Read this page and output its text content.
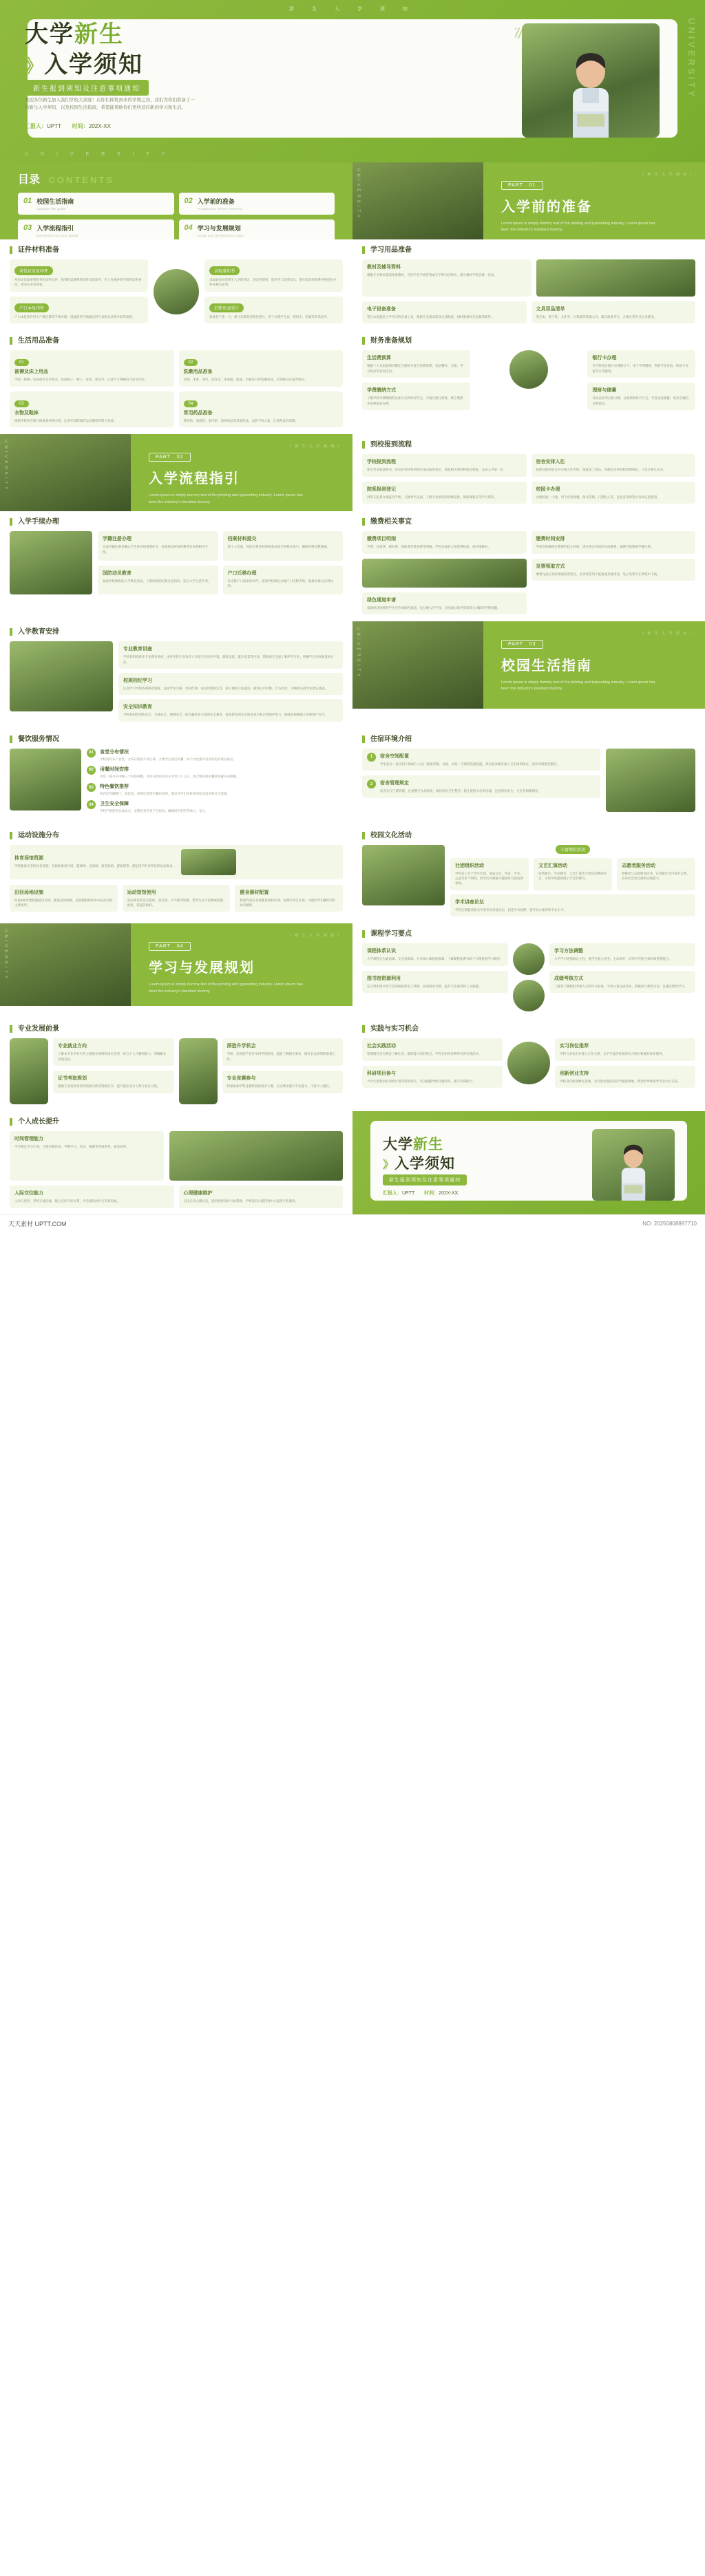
新 生 入 学 须 知
大学新生
》入学须知
新生报到须知及注意事项通知
欢迎各位新生加入我们学校大家庭！在你们即将到来的学期之初，我们为你们准备了一份新生入学须知，以及校园生活指南，希望能帮助你们更快适应新的学习和生活。
汇报人：UPTT 时间：202X-XX
U N I V E R S I T Y
UNIVERSITY
目录 CONTENTS
01 校园生活指南
Campus life guide
02 入学前的准备
Preparation before entering
03 入学流程指引
Enrollment process guide
04 学习与发展规划
Study and development plan
UNIVERSITY	/ 新 生 入 学 须 知 /
PART . 01
入学前的准备
Lorem ipsum is simply dummy text of the printing and typesetting industry. Lorem ipsum has been the industry's standard dummy.
证件材料准备
身份证及复印件

身份证是最重要的身份证明文件，报到时需要携带原件及复印件，用于办理各项手续和证明身份，请务必妥善保管。

户口本复印件

户口本复印件用于户籍迁移等手续办理，请提前到当地派出所开具相关证明并复印备用。

录取通知书

录取通知书是新生入学的凭证，请妥善保管，报到当天需要出示，遗失需及时联系学校招生办补办相关证明。

近期免冠照片

准备若干张一寸、两寸近期免冠彩色照片，用于办理学生证、校园卡、档案等各类证件。

学习用品准备
教材及辅导资料

根据专业要求提前准备教材，可向学长学姐咨询或在学校书店购买，部分教材学校会统一发放。

电子设备准备

笔记本电脑是大学学习的必备工具，根据专业需求选择合适配置，同时准备好充电器等配件。

文具用品清单

笔记本、签字笔、文件夹、计算器等基础文具，建议准备齐全，方便日常学习记录使用。

生活用品准备
01
被褥及床上用品

学校一般统一发放或可自行购买，包括被子、褥子、床单、枕头等，注意尺寸规格符合宿舍床位。

02
洗漱用品准备

牙刷、牙膏、毛巾、洗发水、沐浴露、脸盆、水桶等日常洗漱用品，可到校后在超市购买。

03
衣物及鞋袜

根据学校所在地气候准备四季衣物，注意军训期间的运动服装和鞋子准备。

04
常用药品准备

感冒药、退烧药、创可贴、消毒用品等常备药品，以防不时之需，注意药品有效期。

财务准备规划
生活费预算

根据个人及家庭情况制定合理的月度生活费预算，包括餐饮、交通、学习用品等各项支出。

学费缴纳方式

了解学校学费缴纳的具体方式和时间节点，可通过银行转账、网上缴费等多种渠道办理。

银行卡办理

在学校指定银行办理银行卡，用于学费缴纳、奖助学金发放、校园卡充值等日常使用。

理财与储蓄

养成良好的记账习惯，合理规划每月开支，学会适度储蓄，培养正确的消费观念。

UNIVERSITY	/ 新 生 入 学 须 知 /
PART . 02
入学流程指引
Lorem ipsum is simply dummy text of the printing and typesetting industry. Lorem ipsum has been the industry's standard dummy.
到校报到流程
学校报到流程

新生凭录取通知书、身份证等材料到指定地点报到登记，领取相关资料和宿舍钥匙，完成入学第一步。

宿舍安排入住

按照分配的宿舍号办理入住手续，领取床上用品，熟悉宿舍环境和管理规定，与室友相互认识。

院系报到登记

到所在院系办理报到手续，与辅导员见面，了解专业情况和班级安排，领取课程表等学习资料。

校园卡办理

办理校园一卡通，用于食堂就餐、图书借阅、门禁出入等，注意妥善保管并及时充值使用。

入学手续办理
学籍注册办理

完成学籍注册是确认学生身份的重要环节，需按规定时间到教务处办理相关手续。

档案材料提交

将个人档案、党团关系等材料按要求提交到相应部门，确保材料完整准确。

国防动员教育

参加学校组织的入学教育活动，了解校规校纪和安全知识，适应大学生活节奏。

户口迁移办理

有迁移户口需求的同学，按照学校规定办理户口迁移手续，准备好相关证明材料。

缴费相关事宜
缴费项目明细

学费、住宿费、教材费、保险费等各项费用明细，学校会提前公布收费标准，请仔细核对。

绿色通道申请

家庭经济困难的学生可申请绿色通道，先办理入学手续，后续通过助学贷款等方式解决学费问题。

缴费时间安排

学校会明确规定缴费的起止时间，请在规定时间内完成缴费，逾期可能影响学籍注册。

发票领取方式

缴费完成后及时领取发票凭证，妥善保管用于报销或其他用途，电子发票可在系统中下载。

入学教育安排
专业教育讲座

学校将组织新生专业教育讲座，由各学院专业负责人介绍专业培养方案、课程设置、就业前景等内容，帮助新生全面了解所学专业，明确学习目标和发展方向。

校规校纪学习

认真学习学校各项规章制度，包括学生手册、考试纪律、宿舍管理规定等，树立遵纪守法意识，做到心中有数，行为有度，为顺利完成学业奠定基础。

安全知识教育

学校将组织消防安全、交通安全、网络安全、防诈骗等多方面的安全教育，提高新生的安全防范意识和自我保护能力，确保在校期间人身和财产安全。

UNIVERSITY	/ 新 生 入 学 须 知 /
PART . 03
校园生活指南
Lorem ipsum is simply dummy text of the printing and typesetting industry. Lorem ipsum has been the industry's standard dummy.
餐饮服务情况
01	食堂分布情况

学校设有多个食堂，分布在校园不同区域，方便学生就近用餐，每个食堂都有各具特色的菜品供应。

02	用餐时间安排

食堂一般分早中晚三个时段供餐，具体开放时间会在食堂门口公示，请合理安排用餐时间避开高峰期。

03	特色餐饮推荐

校内还有咖啡厅、面包房、奶茶店等特色餐饮场所，满足同学们多样化的饮食需求和社交需要。

04	卫生安全保障

学校严格把控食品安全，定期检查食堂卫生状况，确保同学们吃得放心、安心。

住宿环境介绍
1	宿舍空间配置

学生宿舍一般为四人间或六人间，配备床铺、书桌、衣柜、空调等基础设施，部分宿舍配有独立卫生间和阳台，居住环境舒适整洁。

2	宿舍管理规定

宿舍实行门禁管理，注意遵守作息时间，保持宿舍卫生整洁，禁止使用大功率电器，注意用电安全，与室友和睦相处。

运动设施分布
体育场馆资源

学校配备完善的体育设施，包括标准田径场、篮球场、足球场、羽毛球馆、游泳馆等，满足同学们多样化的运动需求。

田径场地设施

标准400米塑胶跑道田径场，配备足球场地，是晨跑锻炼和举办运动会的主要场所。

运动馆馆使用

室内体育馆设有篮球、羽毛球、乒乓球等场地，凭学生证可免费或优惠使用，需提前预约。

健身器材配置

校园内设有多处健身器材区域，免费向学生开放，方便同学们随时进行体育锻炼。

校园文化活动
丰富精彩活动
社团组织活动

学校有上百个学生社团，涵盖文艺、体育、学术、公益等多个领域，同学们可根据兴趣爱好自由选择参加。

文艺汇演活动

迎新晚会、毕业晚会、文艺汇演等大型活动精彩纷呈，为同学们提供展示才艺的舞台。

志愿者服务活动

积极参与志愿服务活动，在奉献社会中提升自我，培养社会责任感和实践能力。

学术讲座论坛

学校定期邀请知名学者举办讲座论坛，拓宽学术视野，提升综合素养和专业水平。

UNIVERSITY	/ 新 生 入 学 须 知 /
PART . 04
学习与发展规划
Lorem ipsum is simply dummy text of the printing and typesetting industry. Lorem ipsum has been the industry's standard dummy.
课程学习要点
课程体系认识

大学课程分为通识课、专业基础课、专业核心课和选修课，了解课程体系有助于合理规划学习路径。

图书馆资源利用

充分利用图书馆丰富的纸质和电子资源，养成阅读习惯，提升专业素养和人文底蕴。

学习方法调整

大学学习更强调自主性，要学会独立思考、主动探究，培养自学能力和时间管理能力。

成绩考核方式

了解各门课程的考核方式和评分标准，平时认真完成作业，积极参与课堂讨论，注重过程性学习。

专业发展前景
专业就业方向

了解本专业毕业生的主要就业领域和岗位类型，结合个人兴趣和能力，明确职业发展目标。

证书考取规划

根据专业需求规划考取相关职业资格证书，提升就业竞争力和专业认可度。

深造升学机会

考研、出国留学是许多同学的选择，提前了解相关要求，做好长远规划和准备工作。

专业竞赛参与

积极参加学科竞赛和创新创业大赛，在实践中提升专业能力，丰富个人履历。

实践与实习机会
社会实践活动

寒暑假社会实践是了解社会、锻炼能力的好机会，学校会组织多种形式的实践活动。

科研项目参与

大学生创新创业训练计划等科研项目，可以跟随导师开展研究，提升科研能力。

实习岗位推荐

学校与多家企业建立合作关系，为学生提供优质的实习岗位和就业推荐服务。

创新创业支持

学校设有创业孵化基地，为有创业想法的同学提供场地、资金和导师指导等全方位支持。

个人成长提升
时间管理能力

学会制定学习计划，合理分配时间，平衡学习、社团、兼职等各项事务，提高效率。

人际交往能力

主动与同学、老师交流沟通，建立良好人际关系，学会团队协作与有效沟通。

心理健康维护

关注自身心理状态，遇到困扰及时寻求帮助，学校设有心理咨询中心提供专业服务。

大学新生
》入学须知
新生报到须知及注意事项通知
汇报人：UPTT 时间：202X-XX
天天素材 UPTT.COM	NO: 20250808897710
